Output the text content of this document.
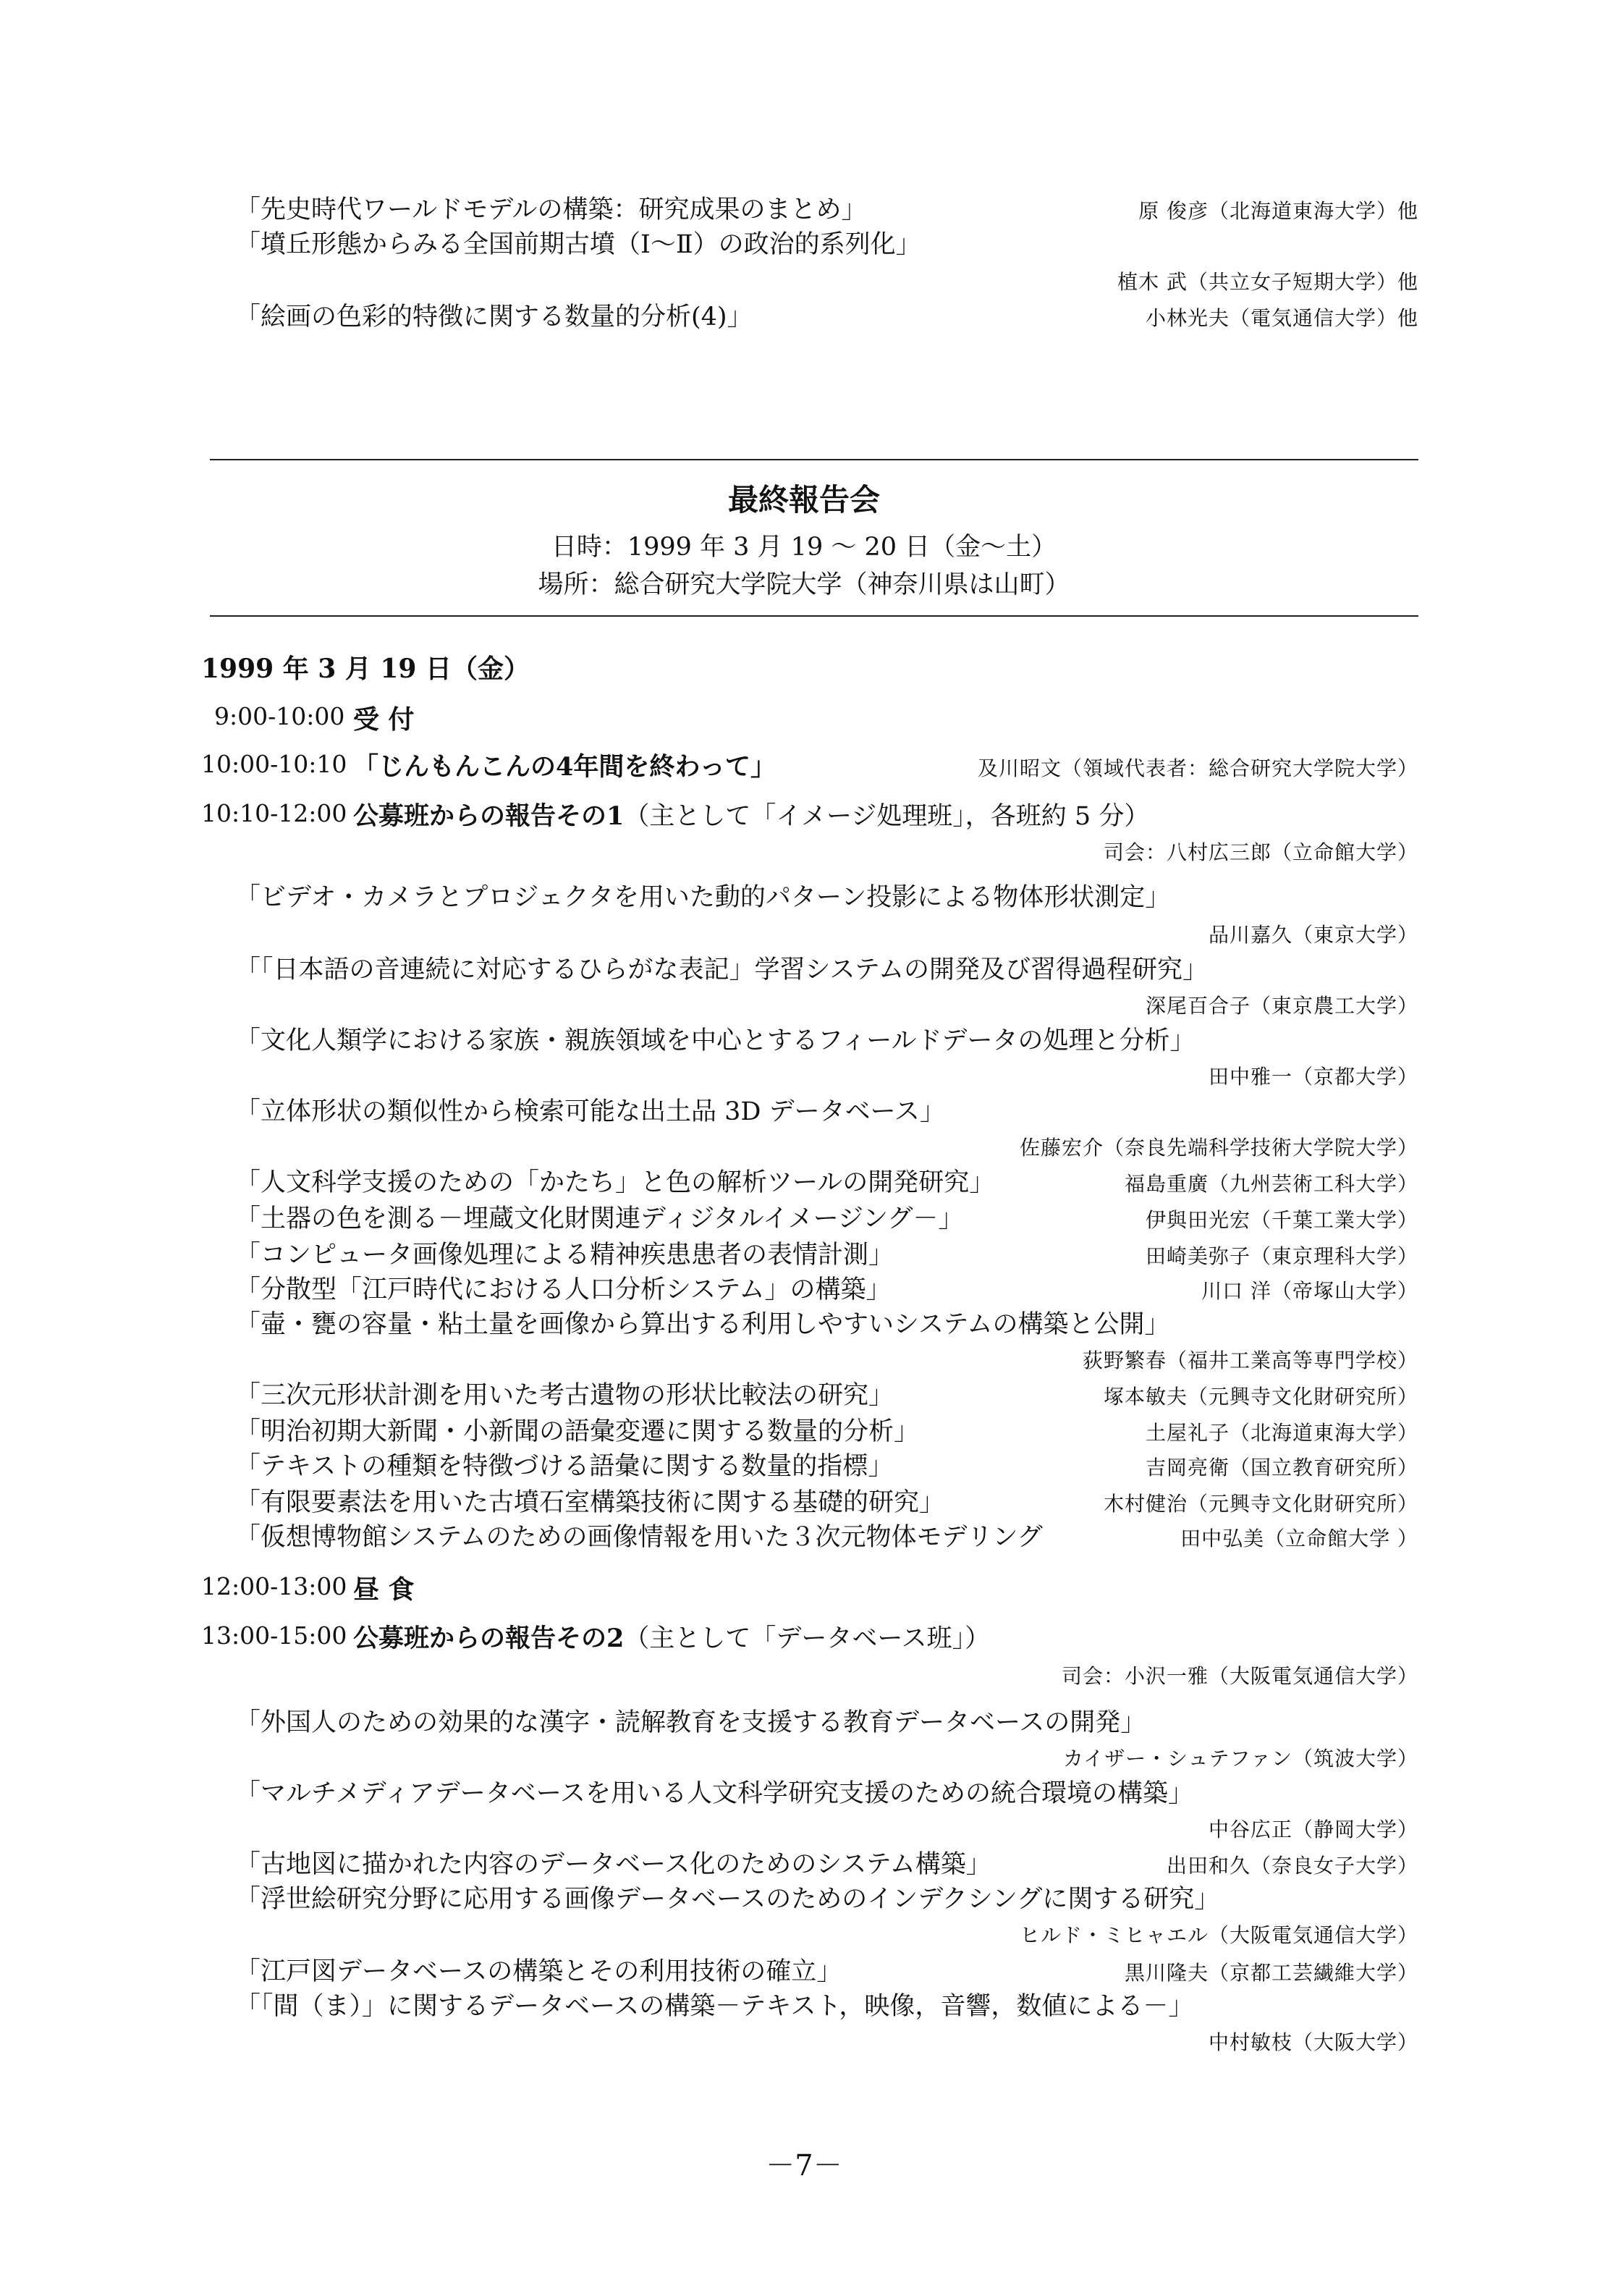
「先史時代ワールドモデルの構築：研究成果のまとめ」	原 俊彦（北海道東海大学）他
「墳丘形態からみる全国前期古墳（Ⅰ～Ⅱ）の政治的系列化」
植木 武（共立女子短期大学）他
「絵画の色彩的特徴に関する数量的分析(4)」	小林光夫（電気通信大学）他
最終報告会
日時：1999 年 3 月 19 ～ 20 日（金～土）
場所：総合研究大学院大学（神奈川県は山町）
1999 年 3 月 19 日（金）
9:00-10:00 受 付
10:00-10:10 「じんもんこんの4年間を終わって」	及川昭文（領域代表者：総合研究大学院大学）
10:10-12:00 公募班からの報告その1（主として「イメージ処理班」，各班約 5 分）
司会：八村広三郎（立命館大学）
「ビデオ・カメラとプロジェクタを用いた動的パターン投影による物体形状測定」
品川嘉久（東京大学）
「「日本語の音連続に対応するひらがな表記」学習システムの開発及び習得過程研究」
深尾百合子（東京農工大学）
「文化人類学における家族・親族領域を中心とするフィールドデータの処理と分析」
田中雅一（京都大学）
「立体形状の類似性から検索可能な出土品 3D データベース」
佐藤宏介（奈良先端科学技術大学院大学）
「人文科学支援のための「かたち」と色の解析ツールの開発研究」	福島重廣（九州芸術工科大学）
「土器の色を測る－埋蔵文化財関連ディジタルイメージング－」	伊與田光宏（千葉工業大学）
「コンピュータ画像処理による精神疾患患者の表情計測」	田崎美弥子（東京理科大学）
「分散型「江戸時代における人口分析システム」の構築」	川口 洋（帝塚山大学）
「壷・甕の容量・粘土量を画像から算出する利用しやすいシステムの構築と公開」
荻野繁春（福井工業高等専門学校）
「三次元形状計測を用いた考古遺物の形状比較法の研究」	塚本敏夫（元興寺文化財研究所）
「明治初期大新聞・小新聞の語彙変遷に関する数量的分析」	土屋礼子（北海道東海大学）
「テキストの種類を特徴づける語彙に関する数量的指標」	吉岡亮衛（国立教育研究所）
「有限要素法を用いた古墳石室構築技術に関する基礎的研究」	木村健治（元興寺文化財研究所）
「仮想博物館システムのための画像情報を用いた３次元物体モデリング	田中弘美（立命館大学 ）
12:00-13:00 昼 食
13:00-15:00 公募班からの報告その2（主として「データベース班」）
司会：小沢一雅（大阪電気通信大学）
「外国人のための効果的な漢字・読解教育を支援する教育データベースの開発」
カイザー・シュテファン（筑波大学）
「マルチメディアデータベースを用いる人文科学研究支援のための統合環境の構築」
中谷広正（静岡大学）
「古地図に描かれた内容のデータベース化のためのシステム構築」	出田和久（奈良女子大学）
「浮世絵研究分野に応用する画像データベースのためのインデクシングに関する研究」
ヒルド・ミヒャエル（大阪電気通信大学）
「江戸図データベースの構築とその利用技術の確立」	黒川隆夫（京都工芸繊維大学）
「「間（ま）」に関するデータベースの構築－テキスト，映像，音響，数値による－」
中村敏枝（大阪大学）
－7－
